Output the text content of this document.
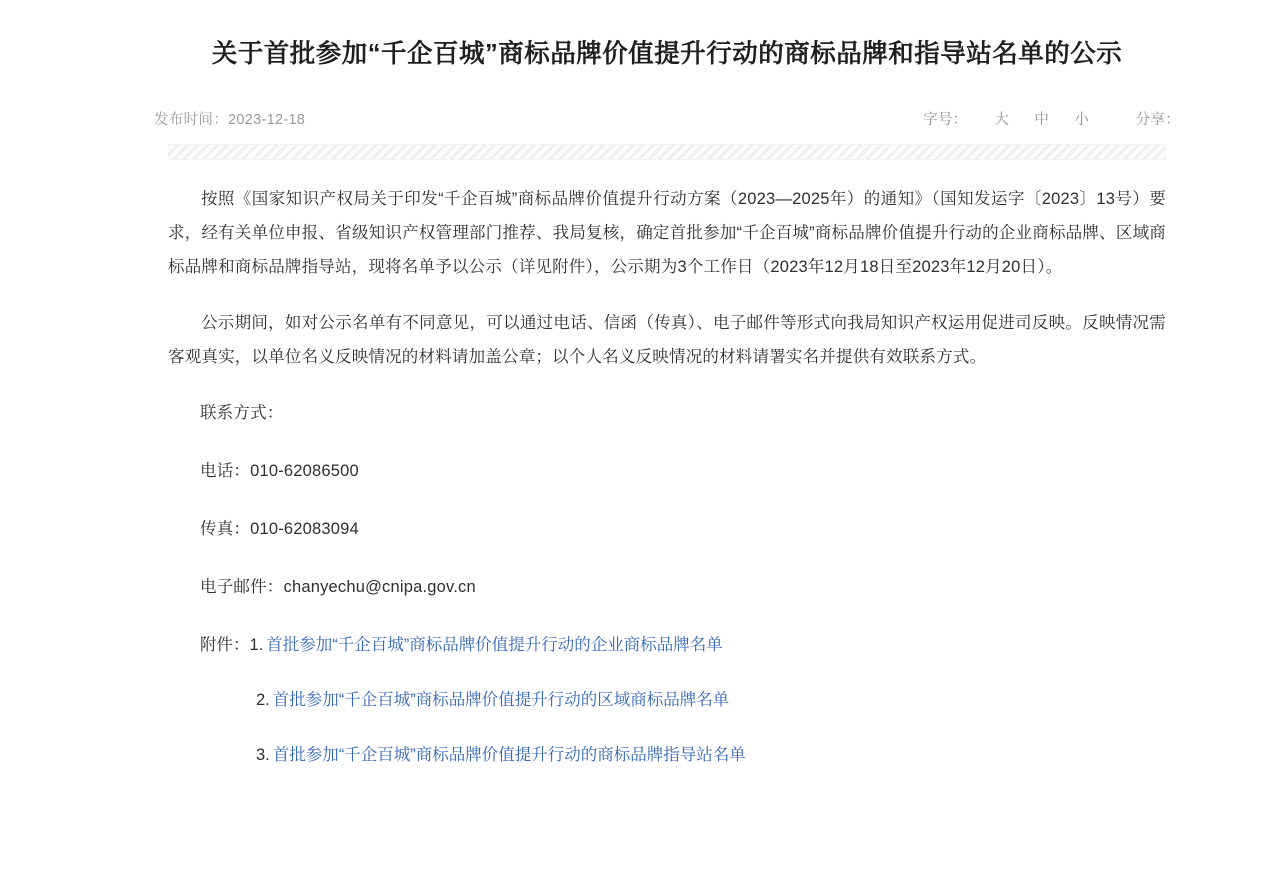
关于首批参加“千企百城”商标品牌价值提升行动的商标品牌和指导站名单的公示
发布时间：2023-12-18	字号：	大	中	小	分享：

按照《国家知识产权局关于印发“千企百城”商标品牌价值提升行动方案（2023—2025年）的通知》（国知发运字〔2023〕13号）要求，经有关单位申报、省级知识产权管理部门推荐、我局复核，确定首批参加“千企百城”商标品牌价值提升行动的企业商标品牌、区域商标品牌和商标品牌指导站，现将名单予以公示（详见附件），公示期为3个工作日（2023年12月18日至2023年12月20日）。

公示期间，如对公示名单有不同意见，可以通过电话、信函（传真）、电子邮件等形式向我局知识产权运用促进司反映。反映情况需客观真实，以单位名义反映情况的材料请加盖公章；以个人名义反映情况的材料请署实名并提供有效联系方式。

联系方式：

电话：010-62086500

传真：010-62083094

电子邮件：chanyechu@cnipa.gov.cn

附件： 1. 首批参加“千企百城”商标品牌价值提升行动的企业商标品牌名单
2. 首批参加“千企百城”商标品牌价值提升行动的区域商标品牌名单
3. 首批参加“千企百城”商标品牌价值提升行动的商标品牌指导站名单
